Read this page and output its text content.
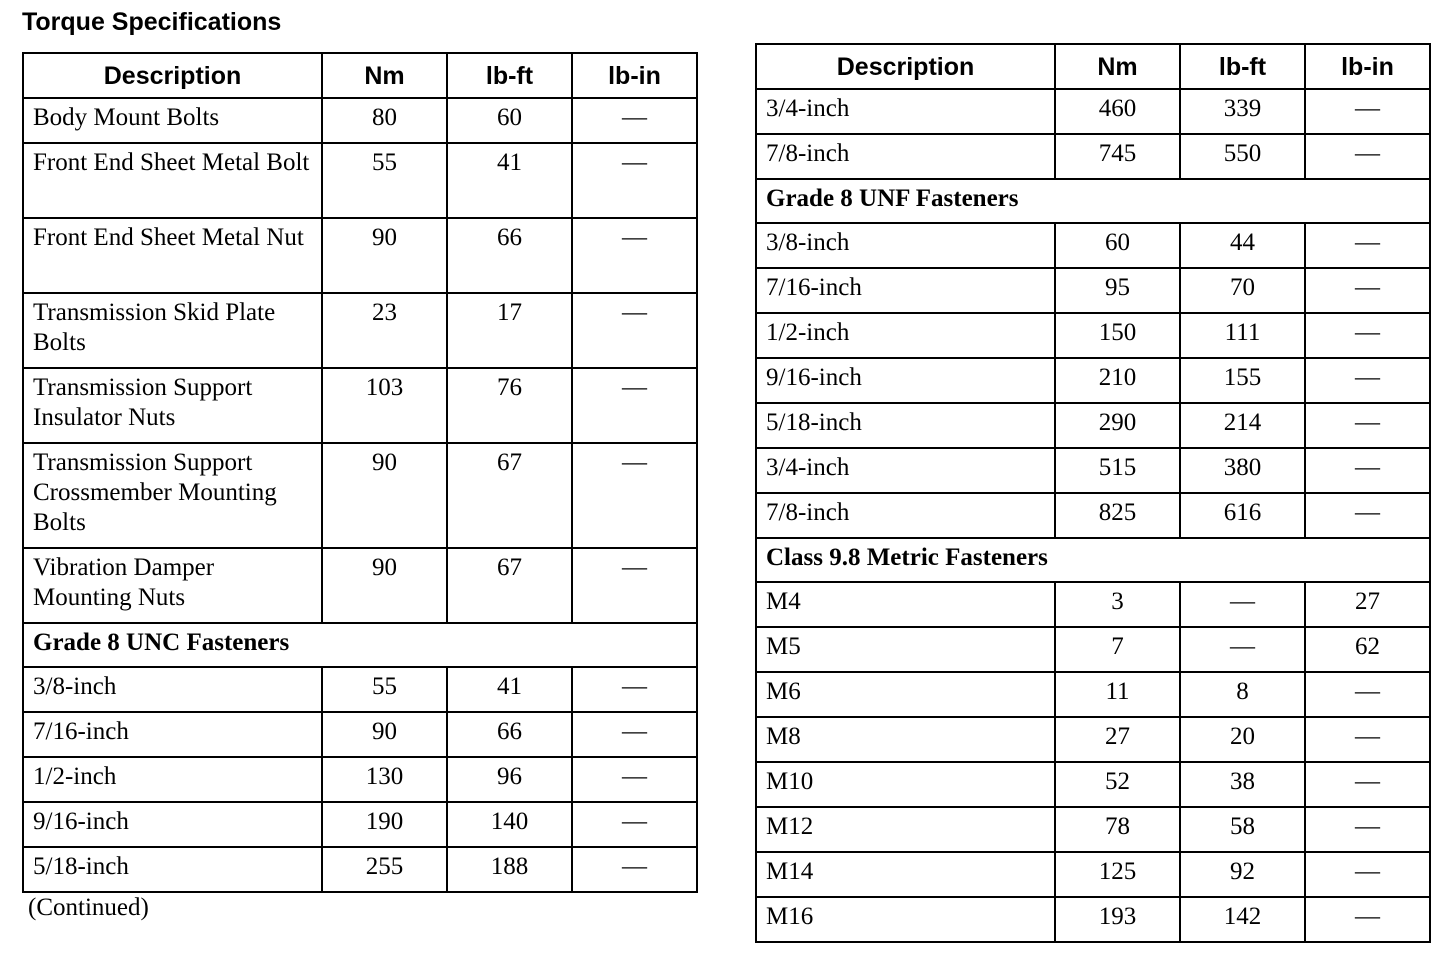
Torque Specifications
Description	Nm	lb-ft	lb-in
Body Mount Bolts	80	60	—
Front End Sheet Metal Bolt	55	41	—
Front End Sheet Metal Nut	90	66	—
Transmission Skid Plate Bolts	23	17	—
Transmission Support Insulator Nuts	103	76	—
Transmission Support Crossmember Mounting Bolts	90	67	—
Vibration Damper Mounting Nuts	90	67	—
Grade 8 UNC Fasteners			
3/8-inch	55	41	—
7/16-inch	90	66	—
1/2-inch	130	96	—
9/16-inch	190	140	—
5/18-inch	255	188	—
(Continued)
Description	Nm	lb-ft	lb-in
3/4-inch	460	339	—
7/8-inch	745	550	—
Grade 8 UNF Fasteners			
3/8-inch	60	44	—
7/16-inch	95	70	—
1/2-inch	150	111	—
9/16-inch	210	155	—
5/18-inch	290	214	—
3/4-inch	515	380	—
7/8-inch	825	616	—
Class 9.8 Metric Fasteners			
M4	3	—	27
M5	7	—	62
M6	11	8	—
M8	27	20	—
M10	52	38	—
M12	78	58	—
M14	125	92	—
M16	193	142	—
